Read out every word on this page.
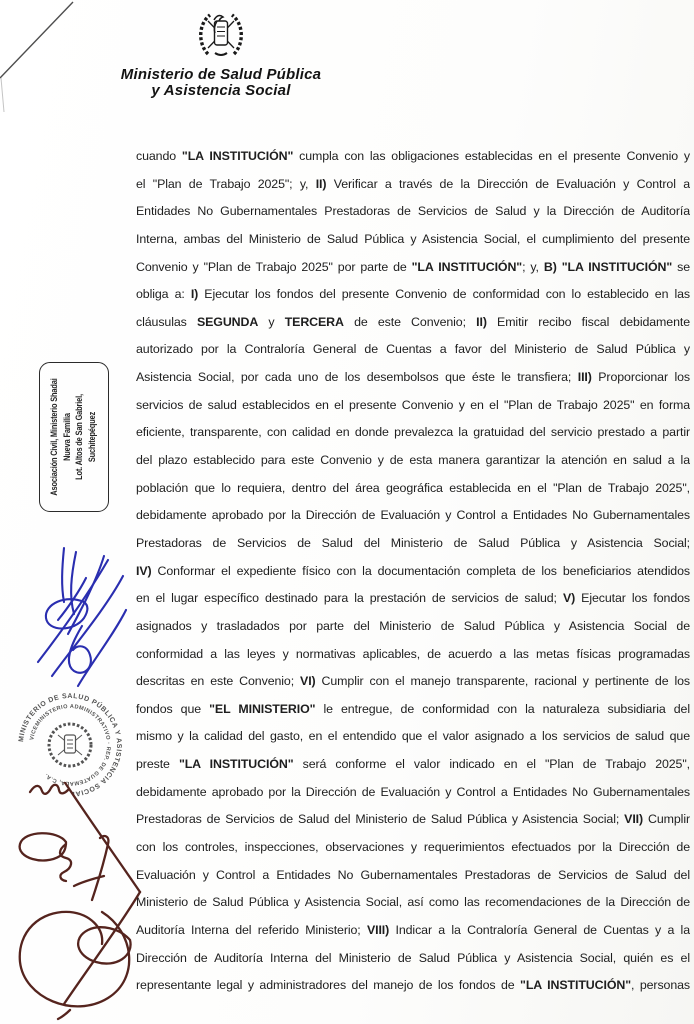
Ministerio de Salud Pública
y Asistencia Social
cuando "LA INSTITUCIÓN" cumpla con las obligaciones establecidas en el presente Convenio y
el "Plan de Trabajo 2025"; y, II) Verificar a través de la Dirección de Evaluación y Control a
Entidades No Gubernamentales Prestadoras de Servicios de Salud y la Dirección de Auditoría
Interna, ambas del Ministerio de Salud Pública y Asistencia Social, el cumplimiento del presente
Convenio y "Plan de Trabajo 2025" por parte de "LA INSTITUCIÓN"; y, B) "LA INSTITUCIÓN" se
obliga a: I) Ejecutar los fondos del presente Convenio de conformidad con lo establecido en las
cláusulas SEGUNDA y TERCERA de este Convenio; II) Emitir recibo fiscal debidamente
autorizado por la Contraloría General de Cuentas a favor del Ministerio de Salud Pública y
Asistencia Social, por cada uno de los desembolsos que éste le transfiera; III) Proporcionar los
servicios de salud establecidos en el presente Convenio y en el "Plan de Trabajo 2025" en forma
eficiente, transparente, con calidad en donde prevalezca la gratuidad del servicio prestado a partir
del plazo establecido para este Convenio y de esta manera garantizar la atención en salud a la
población que lo requiera, dentro del área geográfica establecida en el "Plan de Trabajo 2025",
debidamente aprobado por la Dirección de Evaluación y Control a Entidades No Gubernamentales
Prestadoras de Servicios de Salud del Ministerio de Salud Pública y Asistencia Social;
IV) Conformar el expediente físico con la documentación completa de los beneficiarios atendidos
en el lugar específico destinado para la prestación de servicios de salud; V) Ejecutar los fondos
asignados y trasladados por parte del Ministerio de Salud Pública y Asistencia Social de
conformidad a las leyes y normativas aplicables, de acuerdo a las metas físicas programadas
descritas en este Convenio; VI) Cumplir con el manejo transparente, racional y pertinente de los
fondos que "EL MINISTERIO" le entregue, de conformidad con la naturaleza subsidiaria del
mismo y la calidad del gasto, en el entendido que el valor asignado a los servicios de salud que
preste "LA INSTITUCIÓN" será conforme el valor indicado en el "Plan de Trabajo 2025",
debidamente aprobado por la Dirección de Evaluación y Control a Entidades No Gubernamentales
Prestadoras de Servicios de Salud del Ministerio de Salud Pública y Asistencia Social; VII) Cumplir
con los controles, inspecciones, observaciones y requerimientos efectuados por la Dirección de
Evaluación y Control a Entidades No Gubernamentales Prestadoras de Servicios de Salud del
Ministerio de Salud Pública y Asistencia Social, así como las recomendaciones de la Dirección de
Auditoría Interna del referido Ministerio; VIII) Indicar a la Contraloría General de Cuentas y a la
Dirección de Auditoría Interna del Ministerio de Salud Pública y Asistencia Social, quién es el
representante legal y administradores del manejo de los fondos de "LA INSTITUCIÓN", personas
Asociación Civil, Ministerio Shadai Nueva Familia Lot. Altos de San Gabriel, Suchitepéquez
MINISTERIO DE SALUD PÚBLICA Y ASISTENCIA SOCIAL
VICEMINISTERIO ADMINISTRATIVO · REP. DE GUATEMALA, C.A.
